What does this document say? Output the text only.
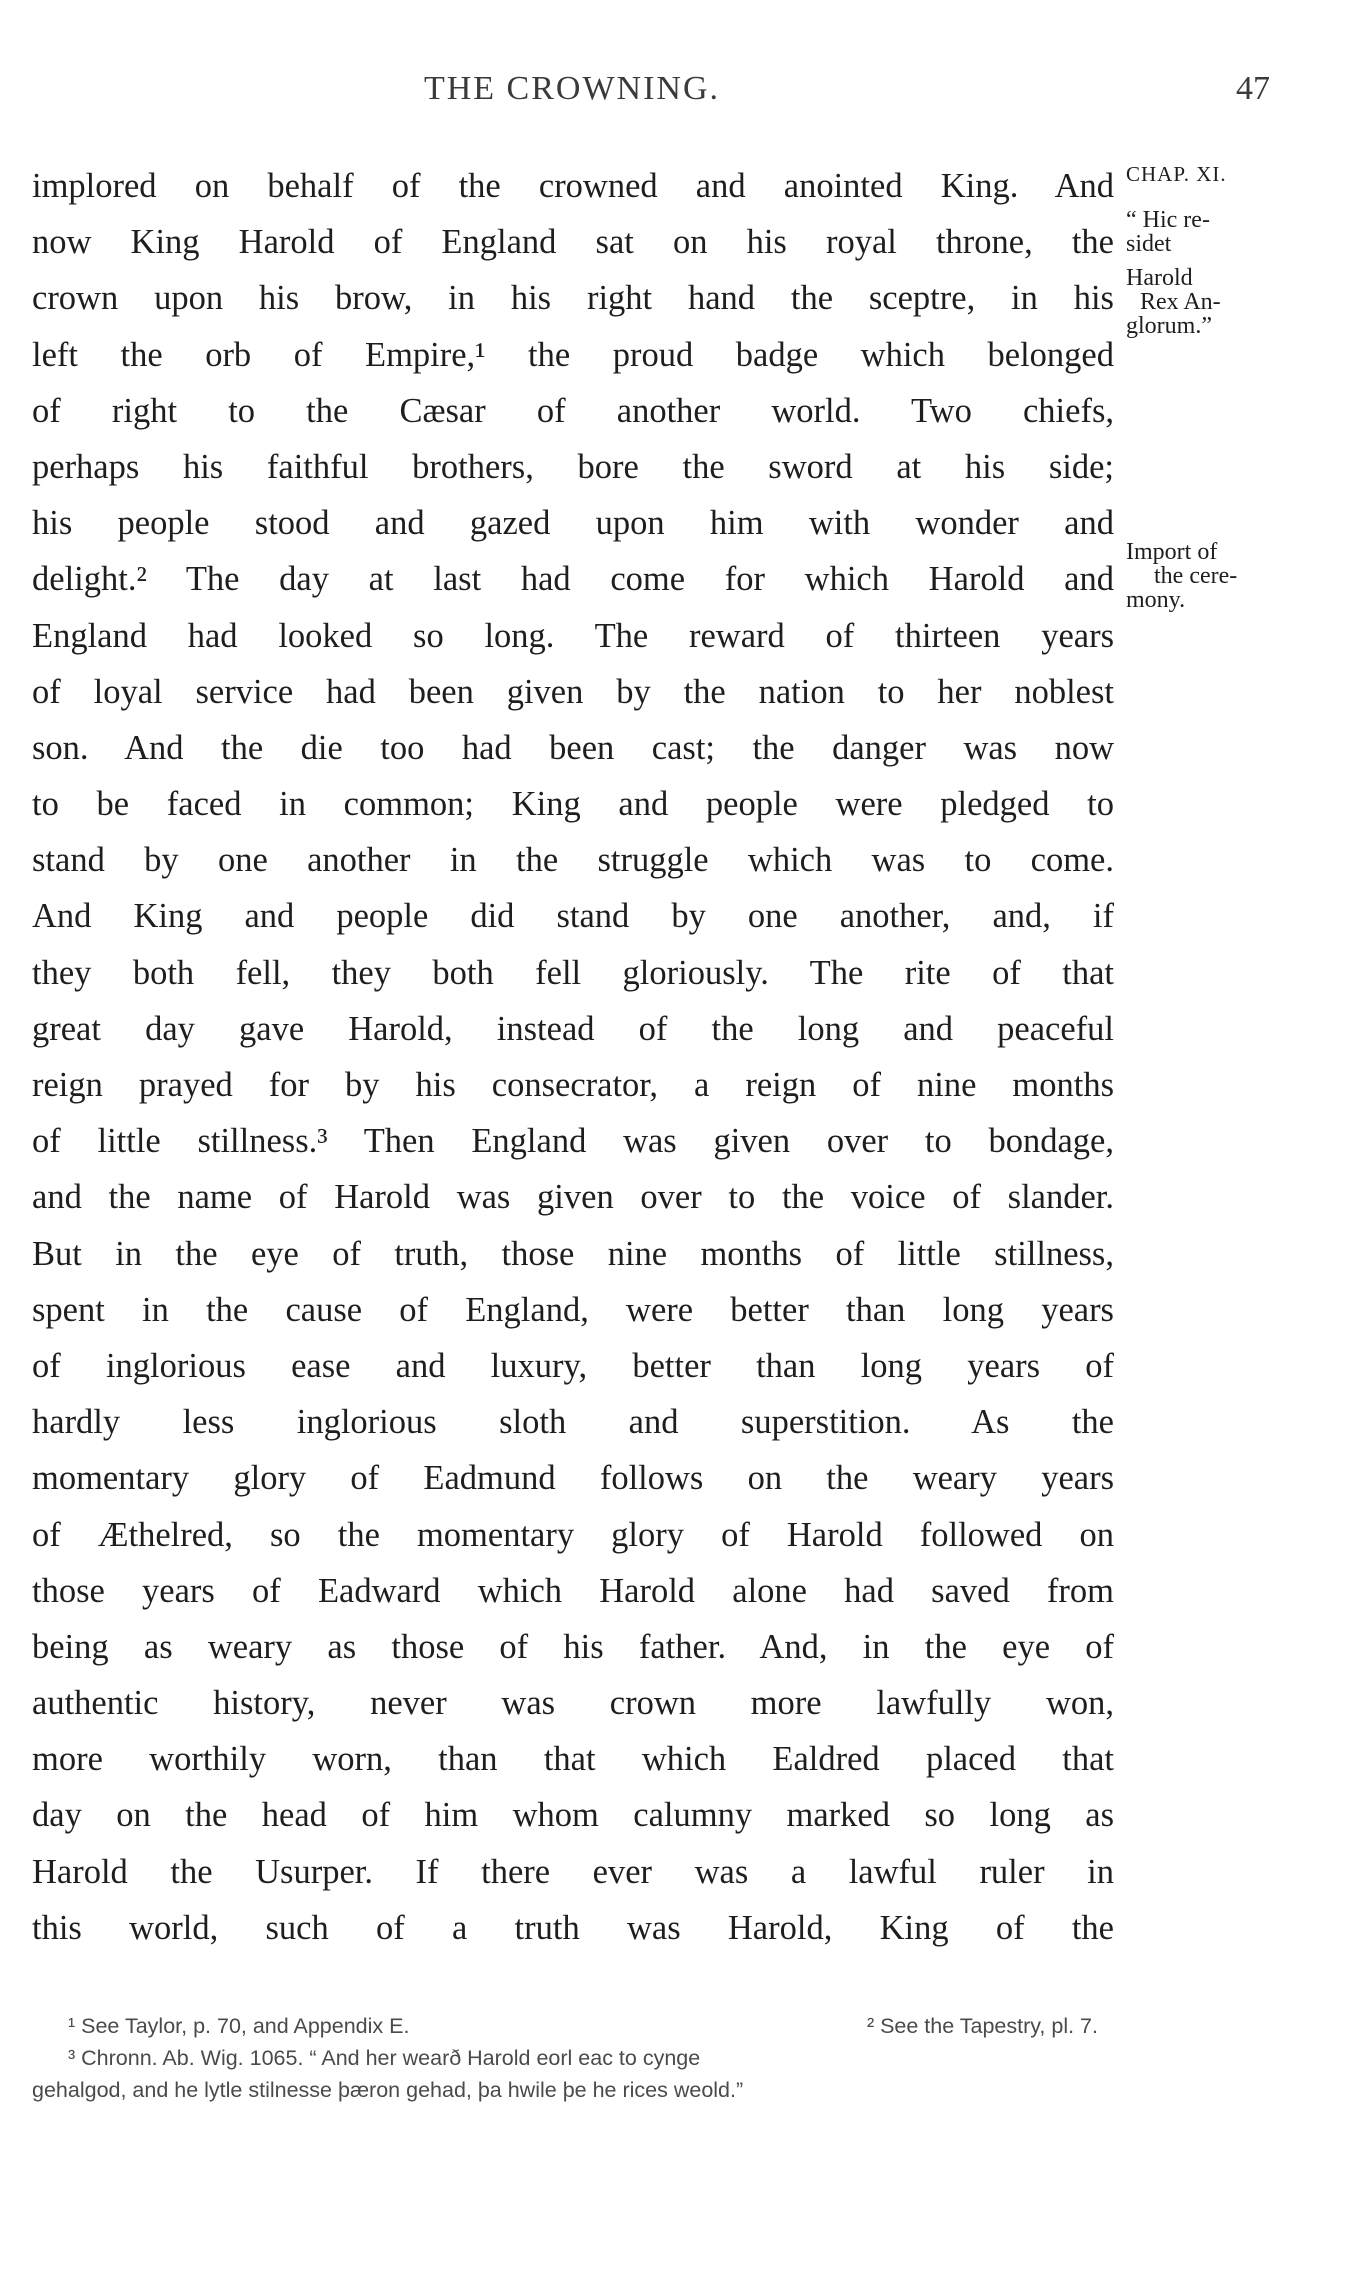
THE CROWNING.	47
implored on behalf of the crowned and anointed King. And
now King Harold of England sat on his royal throne, the
crown upon his brow, in his right hand the sceptre, in his
left the orb of Empire,¹ the proud badge which belonged
of right to the Cæsar of another world. Two chiefs,
perhaps his faithful brothers, bore the sword at his side;
his people stood and gazed upon him with wonder and
delight.² The day at last had come for which Harold and
England had looked so long. The reward of thirteen years
of loyal service had been given by the nation to her noblest
son. And the die too had been cast; the danger was now
to be faced in common; King and people were pledged to
stand by one another in the struggle which was to come.
And King and people did stand by one another, and, if
they both fell, they both fell gloriously. The rite of that
great day gave Harold, instead of the long and peaceful
reign prayed for by his consecrator, a reign of nine months
of little stillness.³ Then England was given over to bondage,
and the name of Harold was given over to the voice of slander.
But in the eye of truth, those nine months of little stillness,
spent in the cause of England, were better than long years
of inglorious ease and luxury, better than long years of
hardly less inglorious sloth and superstition. As the
momentary glory of Eadmund follows on the weary years
of Æthelred, so the momentary glory of Harold followed on
those years of Eadward which Harold alone had saved from
being as weary as those of his father. And, in the eye of
authentic history, never was crown more lawfully won,
more worthily worn, than that which Ealdred placed that
day on the head of him whom calumny marked so long as
Harold the Usurper. If there ever was a lawful ruler in
this world, such of a truth was Harold, King of the
CHAP. XI.
“ Hic re-
sidet
Harold
Rex An-
glorum.”
Import of
the cere-
mony.
¹ See Taylor, p. 70, and Appendix E.	² See the Tapestry, pl. 7.
³ Chronn. Ab. Wig. 1065. “ And her wearð Harold eorl eac to cynge
gehalgod, and he lytle stilnesse þæron gehad, þa hwile þe he rices weold.”
